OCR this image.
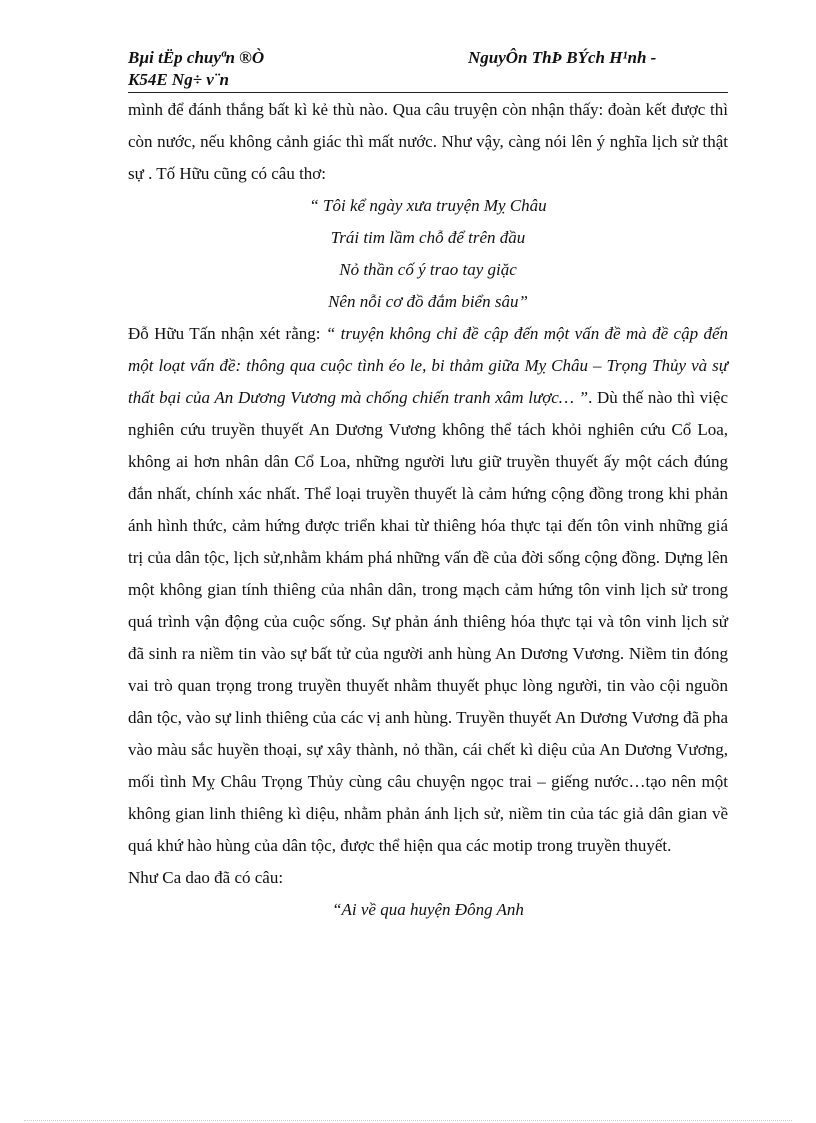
Bµi tËp chuyªn ®Ò	NguyÔn ThÞ BÝch H¹nh -
K54E Ng÷ v¨n

mình để đánh thắng bất kì kẻ thù nào. Qua câu truyện còn nhận thấy: đoàn kết được thì còn nước, nếu không cảnh giác thì mất nước. Như vậy, càng nói lên ý nghĩa lịch sử thật sự . Tố Hữu cũng có câu thơ:

“ Tôi kể ngày xưa truyện Mỵ Châu
Trái tim lầm chỗ để trên đầu
Nỏ thần cố ý trao tay giặc
Nên nỗi cơ đồ đắm biển sâu”

Đỗ Hữu Tấn nhận xét rằng: “ truyện không chỉ đề cập đến một vấn đề mà đề cập đến một loạt vấn đề: thông qua cuộc tình éo le, bi thảm giữa Mỵ Châu – Trọng Thủy và sự thất bại của An Dương Vương mà chống chiến tranh xâm lược… ”. Dù thế nào thì việc nghiên cứu truyền thuyết An Dương Vương không thể tách khỏi nghiên cứu Cổ Loa, không ai hơn nhân dân Cổ Loa, những người lưu giữ truyền thuyết ấy một cách đúng đắn nhất, chính xác nhất. Thể loại truyền thuyết là cảm hứng cộng đồng trong khi phản ánh hình thức, cảm hứng được triển khai từ thiêng hóa thực tại đến tôn vinh những giá trị của dân tộc, lịch sử,nhằm khám phá những vấn đề của đời sống cộng đồng. Dựng lên một không gian tính thiêng của nhân dân, trong mạch cảm hứng tôn vinh lịch sử trong quá trình vận động của cuộc sống. Sự phản ánh thiêng hóa thực tại và tôn vinh lịch sử đã sinh ra niềm tin vào sự bất tử của người anh hùng An Dương Vương. Niềm tin đóng vai trò quan trọng trong truyền thuyết nhằm thuyết phục lòng người, tin vào cội nguồn dân tộc, vào sự linh thiêng của các vị anh hùng. Truyền thuyết An Dương Vương đã pha vào màu sắc huyền thoại, sự xây thành, nỏ thần, cái chết kì diệu của An Dương Vương, mối tình Mỵ Châu Trọng Thủy cùng câu chuyện ngọc trai – giếng nước…tạo nên một không gian linh thiêng kì diệu, nhằm phản ánh lịch sử, niềm tin của tác giả dân gian về quá khứ hào hùng của dân tộc, được thể hiện qua các motip trong truyền thuyết.

Như Ca dao đã có câu:

“Ai về qua huyện Đông Anh
